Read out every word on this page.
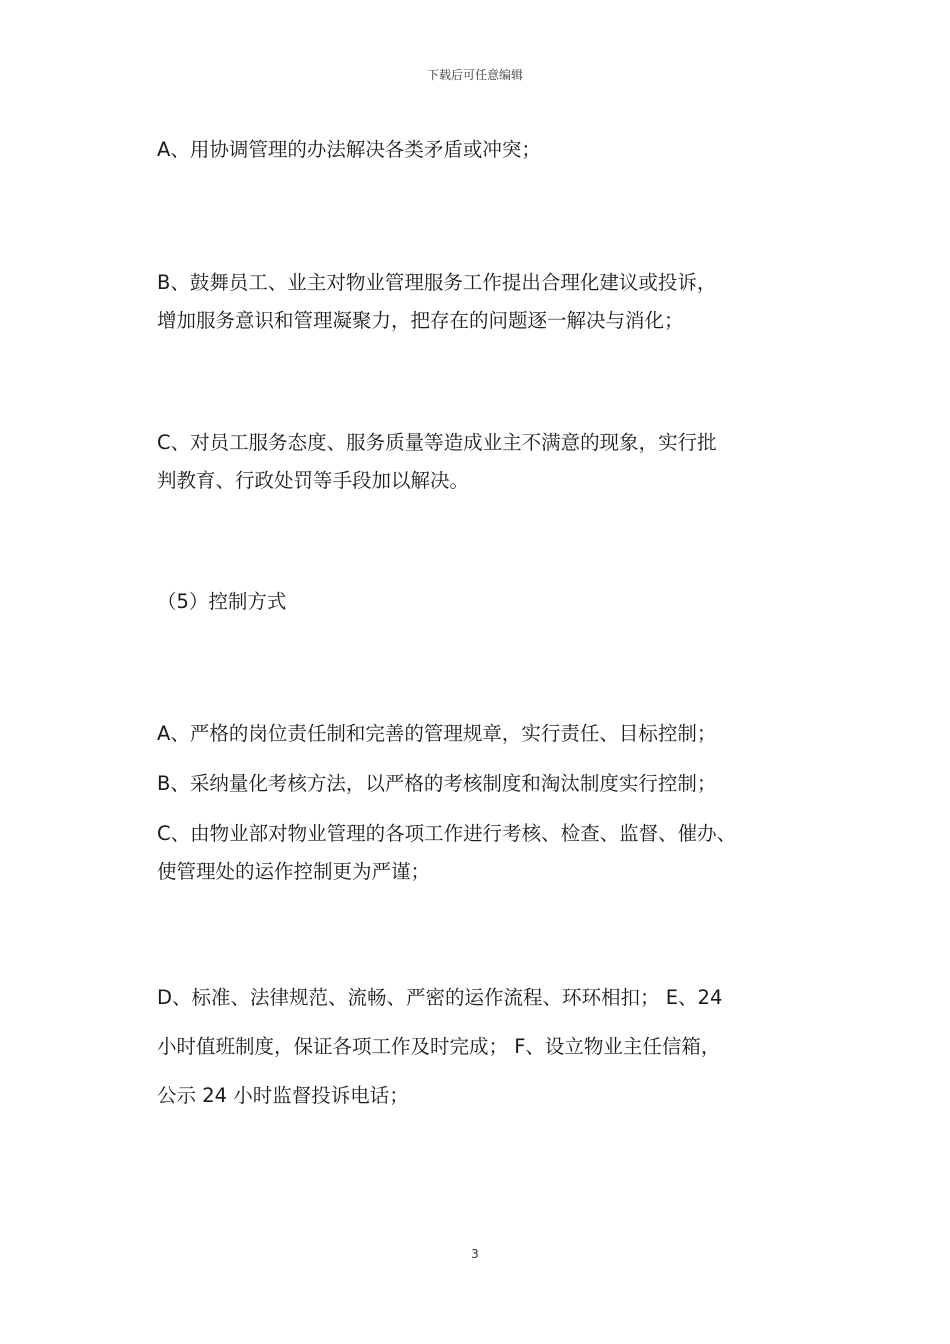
下载后可任意编辑
A、用协调管理的办法解决各类矛盾或冲突；
B、鼓舞员工、业主对物业管理服务工作提出合理化建议或投诉，
增加服务意识和管理凝聚力，把存在的问题逐一解决与消化；
C、对员工服务态度、服务质量等造成业主不满意的现象，实行批
判教育、行政处罚等手段加以解决。
（5）控制方式
A、严格的岗位责任制和完善的管理规章，实行责任、目标控制；
B、采纳量化考核方法，以严格的考核制度和淘汰制度实行控制；
C、由物业部对物业管理的各项工作进行考核、检查、监督、催办、
使管理处的运作控制更为严谨；
D、标准、法律规范、流畅、严密的运作流程、环环相扣； E、24
小时值班制度，保证各项工作及时完成； F、设立物业主任信箱，
公示 24 小时监督投诉电话；
3
